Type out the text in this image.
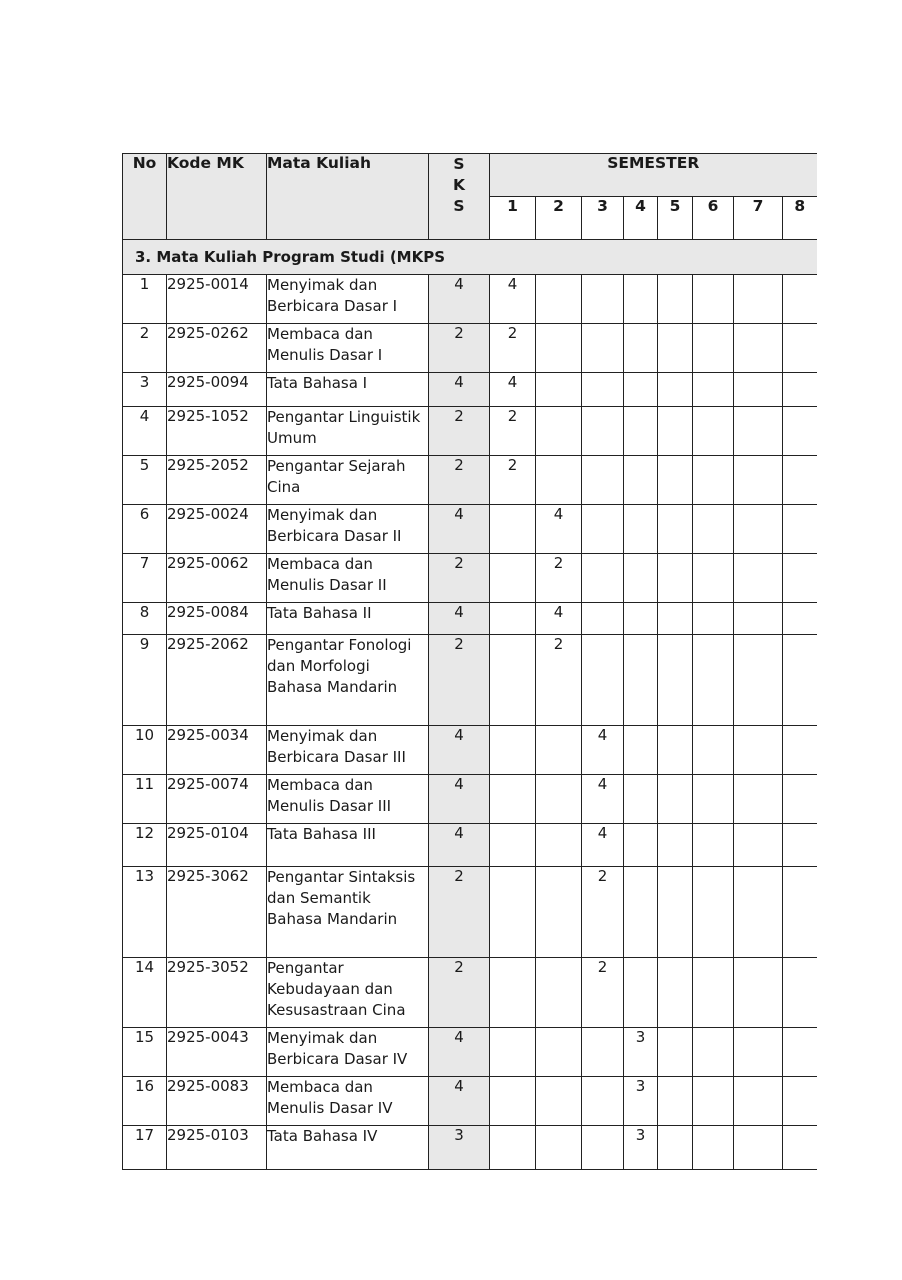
No	Kode MK	Mata Kuliah	S
K
S	SEMESTER							
				1	2	3	4	5	6	7	8
3. Mata Kuliah Program Studi (MKPS											
1	2925-0014	Menyimak dan Berbicara Dasar I	4	4							
2	2925-0262	Membaca dan Menulis Dasar I	2	2							
3	2925-0094	Tata Bahasa I	4	4							
4	2925-1052	Pengantar Linguistik Umum	2	2							
5	2925-2052	Pengantar Sejarah Cina	2	2							
6	2925-0024	Menyimak dan Berbicara Dasar II	4		4						
7	2925-0062	Membaca dan Menulis Dasar II	2		2						
8	2925-0084	Tata Bahasa II	4		4						
9	2925-2062	Pengantar Fonologi dan Morfologi Bahasa Mandarin	2		2						
10	2925-0034	Menyimak dan Berbicara Dasar III	4			4					
11	2925-0074	Membaca dan Menulis Dasar III	4			4					
12	2925-0104	Tata Bahasa III	4			4					
13	2925-3062	Pengantar Sintaksis dan Semantik Bahasa Mandarin	2			2					
14	2925-3052	Pengantar Kebudayaan dan Kesusastraan Cina	2			2					
15	2925-0043	Menyimak dan Berbicara Dasar IV	4				3				
16	2925-0083	Membaca dan Menulis Dasar IV	4				3				
17	2925-0103	Tata Bahasa IV	3				3				
